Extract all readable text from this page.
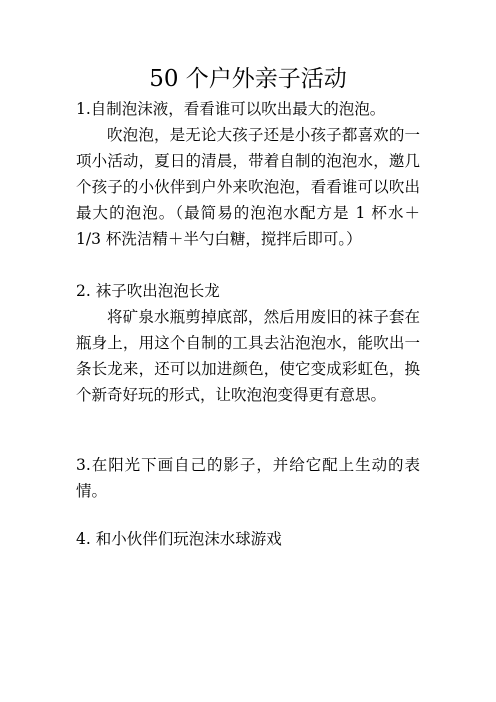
50 个户外亲子活动

1.自制泡沫液，看看谁可以吹出最大的泡泡。

吹泡泡，是无论大孩子还是小孩子都喜欢的一项小活动，夏日的清晨，带着自制的泡泡水，邀几个孩子的小伙伴到户外来吹泡泡，看看谁可以吹出最大的泡泡。（最简易的泡泡水配方是 1 杯水＋1/3 杯洗洁精＋半勺白糖，搅拌后即可。）

2. 袜子吹出泡泡长龙

将矿泉水瓶剪掉底部，然后用废旧的袜子套在瓶身上，用这个自制的工具去沾泡泡水，能吹出一条长龙来，还可以加进颜色，使它变成彩虹色，换个新奇好玩的形式，让吹泡泡变得更有意思。

3.在阳光下画自己的影子，并给它配上生动的表情。

4. 和小伙伴们玩泡沫水球游戏
